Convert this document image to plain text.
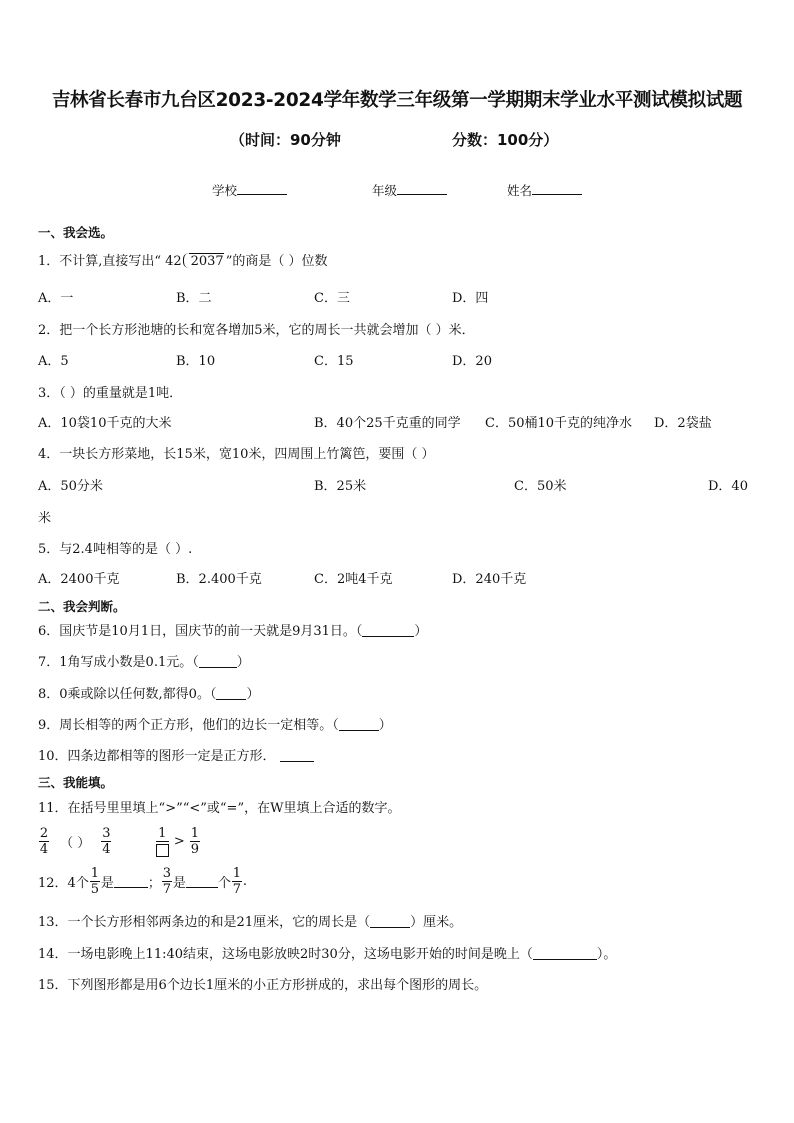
吉林省长春市九台区2023-2024学年数学三年级第一学期期末学业水平测试模拟试题
（时间：90分钟	分数：100分）
学校	年级	姓名
一、我会选。
1．不计算,直接写出“ 42 2037 ”的商是（ ）位数
A．一	B．二	C．三	D．四
2．把一个长方形池塘的长和宽各增加5米，它的周长一共就会增加（ ）米．
A．5	B．10	C．15	D．20
3．（ ）的重量就是1吨．
A．10袋10千克的大米	B．40个25千克重的同学 C．50桶10千克的纯净水 D．2袋盐
4．一块长方形菜地，长15米，宽10米，四周围上竹篱笆，要围（ ）
A．50分米	B．25米	C．50米	D．40
米
5．与2.4吨相等的是（ ）.
A．2400千克	B．2.400千克	C．2吨4千克	D．240千克
二、我会判断。
6．国庆节是10月1日，国庆节的前一天就是9月31日。（	）
7．1角写成小数是0.1元。（	）
8．0乘或除以任何数,都得0。（ ）
9．周长相等的两个正方形，他们的边长一定相等。（	）
10．四条边都相等的图形一定是正方形．
三、我能填。
11．在括号里里填上“>”“<”或“=”，在W里填上合适的数字。
$\frac{2}{4}$ （ ） $\frac{3}{4}$
	1
> $\frac{1}{9}$
12．4个 $\frac{1}{5}$ 是	； $\frac{3}{7}$ 是 个 $\frac{1}{7}$ .
13．一个长方形相邻两条边的和是21厘米，它的周长是（	）厘米。
14．一场电影晚上11:40结束，这场电影放映2时30分，这场电影开始的时间是晚上（	）。
15．下列图形都是用6个边长1厘米的小正方形拼成的，求出每个图形的周长。
